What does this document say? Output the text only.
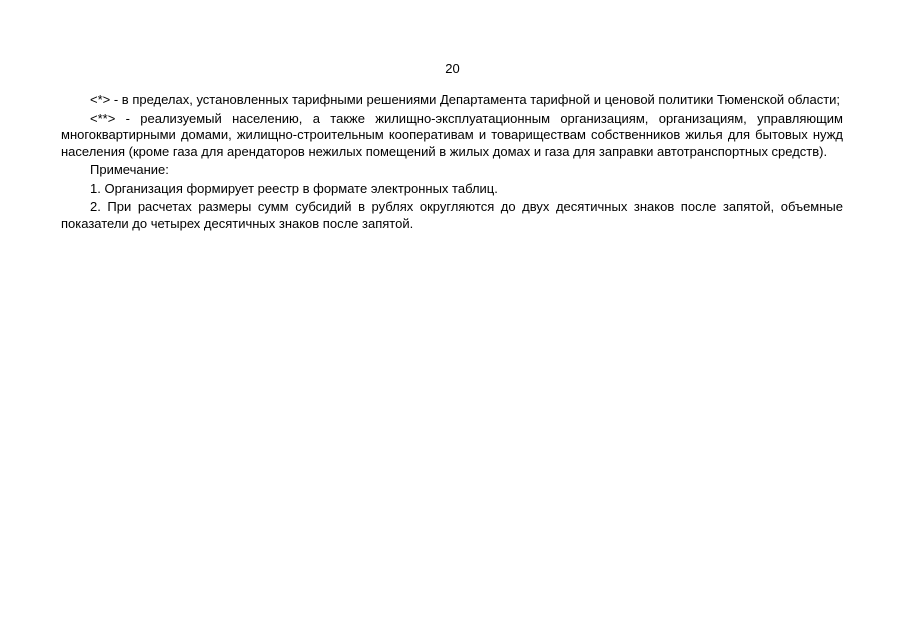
20

<*> - в пределах, установленных тарифными решениями Департамента тарифной и ценовой политики Тюменской области;

<**> - реализуемый населению, а также жилищно-эксплуатационным организациям, организациям, управляющим многоквартирными домами, жилищно-строительным кооперативам и товариществам собственников жилья для бытовых нужд населения (кроме газа для арендаторов нежилых помещений в жилых домах и газа для заправки автотранспортных средств).

Примечание:

1. Организация формирует реестр в формате электронных таблиц.

2. При расчетах размеры сумм субсидий в рублях округляются до двух десятичных знаков после запятой, объемные показатели до четырех десятичных знаков после запятой.
